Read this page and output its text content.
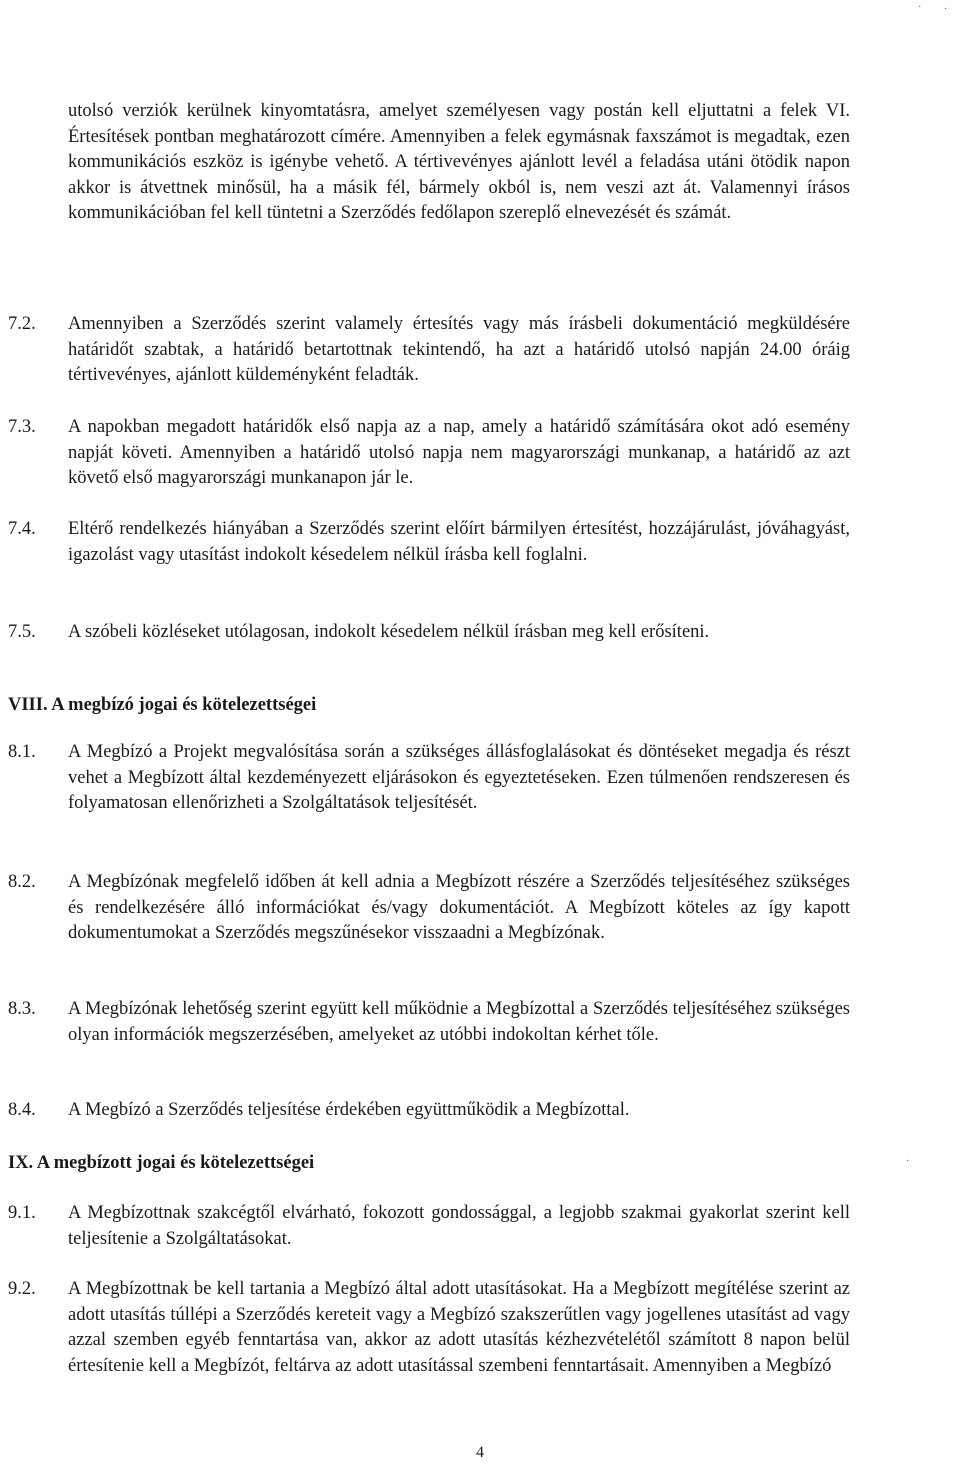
utolsó verziók kerülnek kinyomtatásra, amelyet személyesen vagy postán kell eljuttatni a felek VI. Értesítések pontban meghatározott címére. Amennyiben a felek egymásnak faxszámot is megadtak, ezen kommunikációs eszköz is igénybe vehető. A tértivevényes ajánlott levél a feladása utáni ötödik napon akkor is átvettnek minősül, ha a másik fél, bármely okból is, nem veszi azt át. Valamennyi írásos kommunikációban fel kell tüntetni a Szerződés fedőlapon szereplő elnevezését és számát.

7.2.	Amennyiben a Szerződés szerint valamely értesítés vagy más írásbeli dokumentáció megküldésére határidőt szabtak, a határidő betartottnak tekintendő, ha azt a határidő utolsó napján 24.00 óráig tértivevényes, ajánlott küldeményként feladták.
7.3.	A napokban megadott határidők első napja az a nap, amely a határidő számítására okot adó esemény napját követi. Amennyiben a határidő utolsó napja nem magyarországi munkanap, a határidő az azt követő első magyarországi munkanapon jár le.
7.4.	Eltérő rendelkezés hiányában a Szerződés szerint előírt bármilyen értesítést, hozzájárulást, jóváhagyást, igazolást vagy utasítást indokolt késedelem nélkül írásba kell foglalni.
7.5.	A szóbeli közléseket utólagosan, indokolt késedelem nélkül írásban meg kell erősíteni.
VIII. A megbízó jogai és kötelezettségei
8.1.	A Megbízó a Projekt megvalósítása során a szükséges állásfoglalásokat és döntéseket megadja és részt vehet a Megbízott által kezdeményezett eljárásokon és egyeztetéseken. Ezen túlmenően rendszeresen és folyamatosan ellenőrizheti a Szolgáltatások teljesítését.
8.2.	A Megbízónak megfelelő időben át kell adnia a Megbízott részére a Szerződés teljesítéséhez szükséges és rendelkezésére álló információkat és/vagy dokumentációt. A Megbízott köteles az így kapott dokumentumokat a Szerződés megszűnésekor visszaadni a Megbízónak.
8.3.	A Megbízónak lehetőség szerint együtt kell működnie a Megbízottal a Szerződés teljesítéséhez szükséges olyan információk megszerzésében, amelyeket az utóbbi indokoltan kérhet tőle.
8.4.	A Megbízó a Szerződés teljesítése érdekében együttműködik a Megbízottal.
IX. A megbízott jogai és kötelezettségei
9.1.	A Megbízottnak szakcégtől elvárható, fokozott gondossággal, a legjobb szakmai gyakorlat szerint kell teljesítenie a Szolgáltatásokat.
9.2.	A Megbízottnak be kell tartania a Megbízó által adott utasításokat. Ha a Megbízott megítélése szerint az adott utasítás túllépi a Szerződés kereteit vagy a Megbízó szakszerűtlen vagy jogellenes utasítást ad vagy azzal szemben egyéb fenntartása van, akkor az adott utasítás kézhezvételétől számított 8 napon belül értesítenie kell a Megbízót, feltárva az adott utasítással szembeni fenntartásait. Amennyiben a Megbízó
4
· ·
·
